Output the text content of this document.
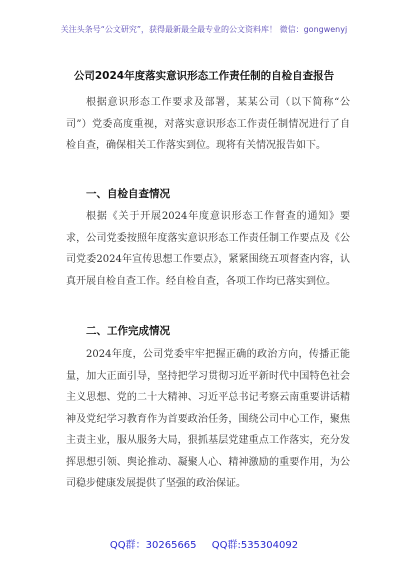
关注头条号“公文研究”，获得最新最全最专业的公文资料库！ 微信：gongwenyj
公司2024年度落实意识形态工作责任制的自检自查报告

根据意识形态工作要求及部署，某某公司（以下简称“公司”）党委高度重视，对落实意识形态工作责任制情况进行了自检自查，确保相关工作落实到位。现将有关情况报告如下。

一、自检自查情况

根据《关于开展2024年度意识形态工作督查的通知》要求，公司党委按照年度落实意识形态工作责任制工作要点及《公司党委2024年宣传思想工作要点》，紧紧围绕五项督查内容，认真开展自检自查工作。经自检自查，各项工作均已落实到位。

二、工作完成情况

2024年度，公司党委牢牢把握正确的政治方向，传播正能量，加大正面引导，坚持把学习贯彻习近平新时代中国特色社会主义思想、党的二十大精神、习近平总书记考察云南重要讲话精神及党纪学习教育作为首要政治任务，围绕公司中心工作，聚焦主责主业，服从服务大局，狠抓基层党建重点工作落实，充分发挥思想引领、舆论推动、凝聚人心、精神激励的重要作用，为公司稳步健康发展提供了坚强的政治保证。

QQ群：30265665 QQ群:535304092
